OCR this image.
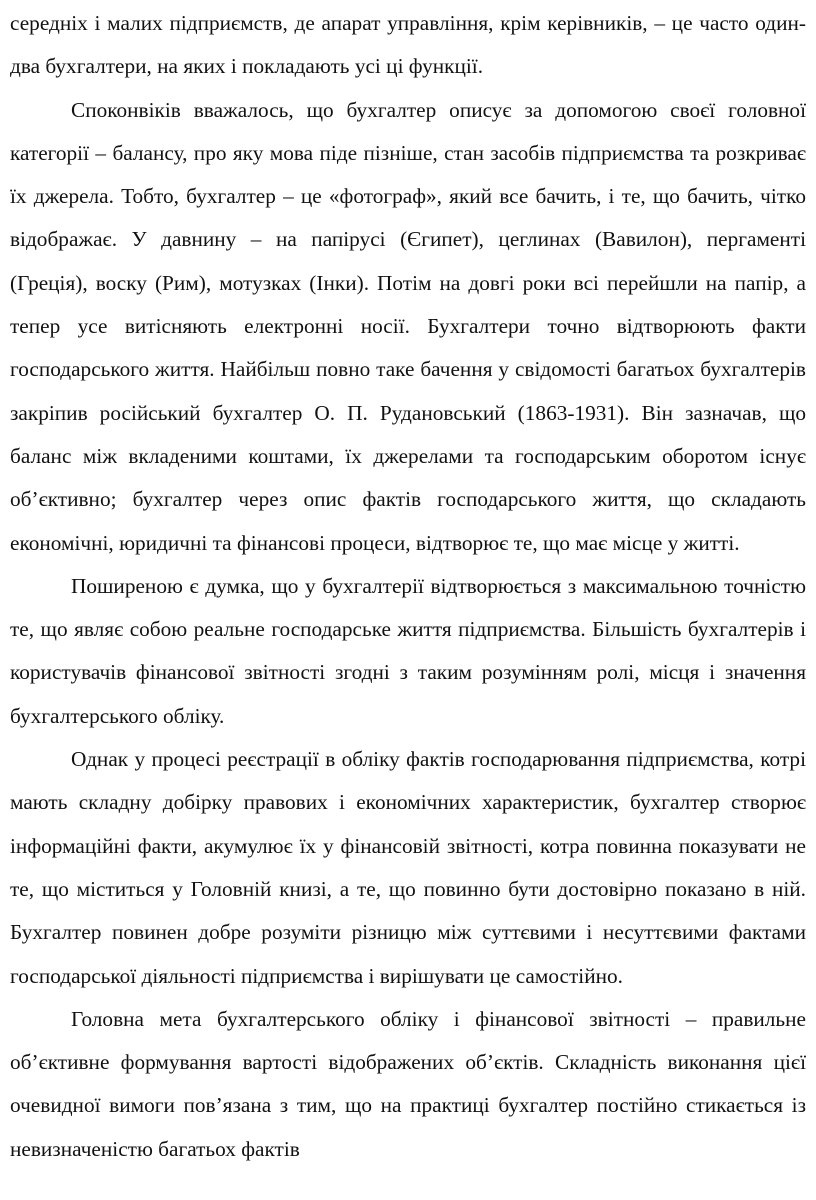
середніх і малих підприємств, де апарат управління, крім керівників, – це часто один-два бухгалтери, на яких і покладають усі ці функції.

Споконвіків вважалось, що бухгалтер описує за допомогою своєї головної категорії – балансу, про яку мова піде пізніше, стан засобів підприємства та розкриває їх джерела. Тобто, бухгалтер – це «фотограф», який все бачить, і те, що бачить, чітко відображає. У давнину – на папірусі (Єгипет), цеглинах (Вавилон), пергаменті (Греція), воску (Рим), мотузках (Інки). Потім на довгі роки всі перейшли на папір, а тепер усе витісняють електронні носії. Бухгалтери точно відтворюють факти господарського життя. Найбільш повно таке бачення у свідомості багатьох бухгалтерів закріпив російський бухгалтер О. П. Рудановський (1863-1931). Він зазначав, що баланс між вкладеними коштами, їх джерелами та господарським оборотом існує об’єктивно; бухгалтер через опис фактів господарського життя, що складають економічні, юридичні та фінансові процеси, відтворює те, що має місце у житті.

Поширеною є думка, що у бухгалтерії відтворюється з максимальною точністю те, що являє собою реальне господарське життя підприємства. Більшість бухгалтерів і користувачів фінансової звітності згодні з таким розумінням ролі, місця і значення бухгалтерського обліку.

Однак у процесі реєстрації в обліку фактів господарювання підприємства, котрі мають складну добірку правових і економічних характеристик, бухгалтер створює інформаційні факти, акумулює їх у фінансовій звітності, котра повинна показувати не те, що міститься у Головній книзі, а те, що повинно бути достовірно показано в ній. Бухгалтер повинен добре розуміти різницю між суттєвими і несуттєвими фактами господарської діяльності підприємства і вирішувати це самостійно.

Головна мета бухгалтерського обліку і фінансової звітності – правильне об’єктивне формування вартості відображених об’єктів. Складність виконання цієї очевидної вимоги пов’язана з тим, що на практиці бухгалтер постійно стикається із невизначеністю багатьох фактів
